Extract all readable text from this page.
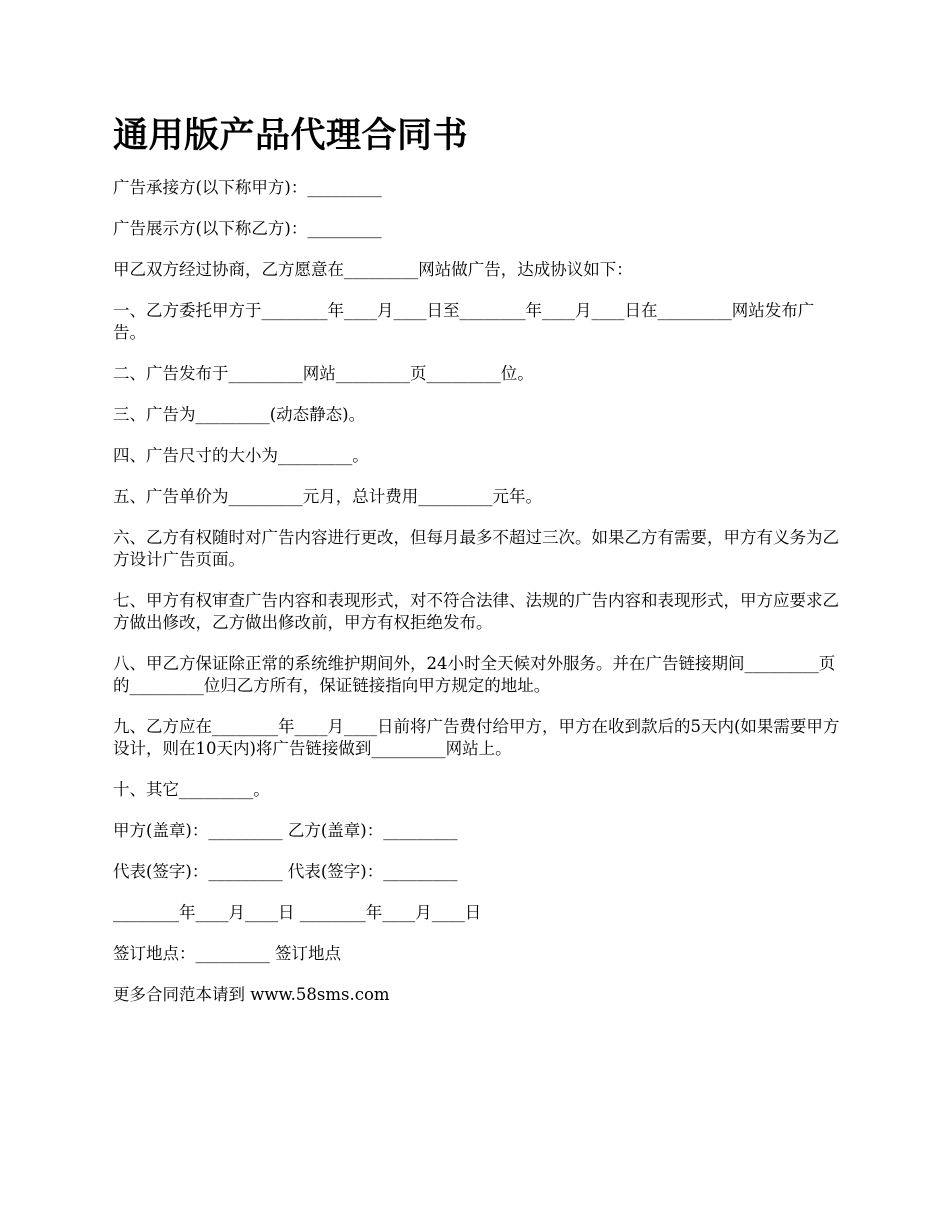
通用版产品代理合同书

广告承接方(以下称甲方)：_________

广告展示方(以下称乙方)：_________

甲乙双方经过协商，乙方愿意在_________网站做广告，达成协议如下：

一、乙方委托甲方于________年____月____日至________年____月____日在_________网站发布广告。

二、广告发布于_________网站_________页_________位。

三、广告为_________(动态静态)。

四、广告尺寸的大小为_________。

五、广告单价为_________元月，总计费用_________元年。

六、乙方有权随时对广告内容进行更改，但每月最多不超过三次。如果乙方有需要，甲方有义务为乙方设计广告页面。

七、甲方有权审查广告内容和表现形式，对不符合法律、法规的广告内容和表现形式，甲方应要求乙方做出修改，乙方做出修改前，甲方有权拒绝发布。

八、甲乙方保证除正常的系统维护期间外，24小时全天候对外服务。并在广告链接期间_________页的_________位归乙方所有，保证链接指向甲方规定的地址。

九、乙方应在________年____月____日前将广告费付给甲方，甲方在收到款后的5天内(如果需要甲方设计，则在10天内)将广告链接做到_________网站上。

十、其它_________。

甲方(盖章)：_________ 乙方(盖章)：_________

代表(签字)：_________ 代表(签字)：_________

________年____月____日 ________年____月____日

签订地点：_________ 签订地点

更多合同范本请到 www.58sms.com
